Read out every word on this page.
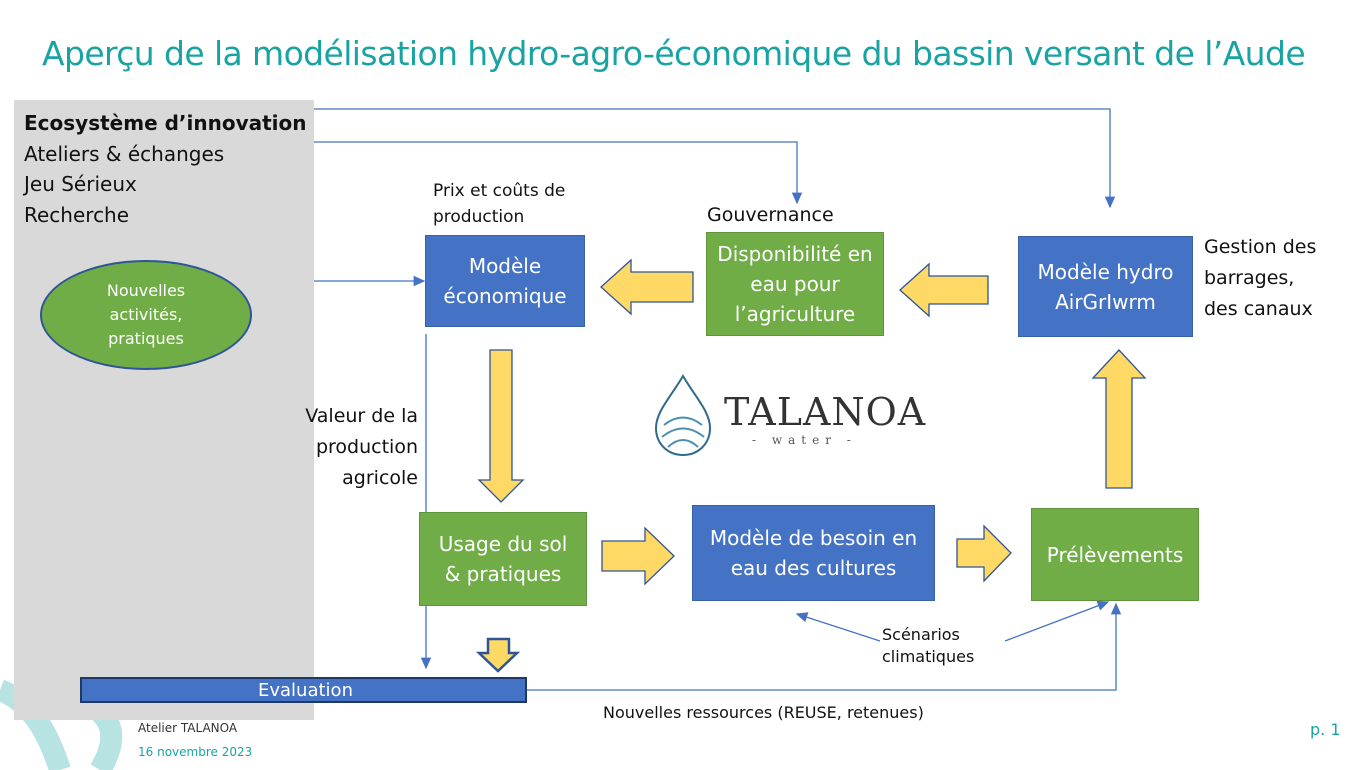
Aperçu de la modélisation hydro-agro-économique du bassin versant de l’Aude
Ecosystème d’innovation
Ateliers & échanges
Jeu Sérieux
Recherche
Nouvelles activités, pratiques
Modèle économique
Disponibilité en eau pour l’agriculture
Modèle hydro AirGrIwrm
Usage du sol & pratiques
Modèle de besoin en eau des cultures
Prélèvements
Prix et coûts de production	Gouvernance
Gestion des barrages, des canaux
Valeur de la production agricole
Scénarios climatiques
Nouvelles ressources (REUSE, retenues)
TALANOA
- water -
Evaluation
Atelier TALANOA
16 novembre 2023
p. 1
